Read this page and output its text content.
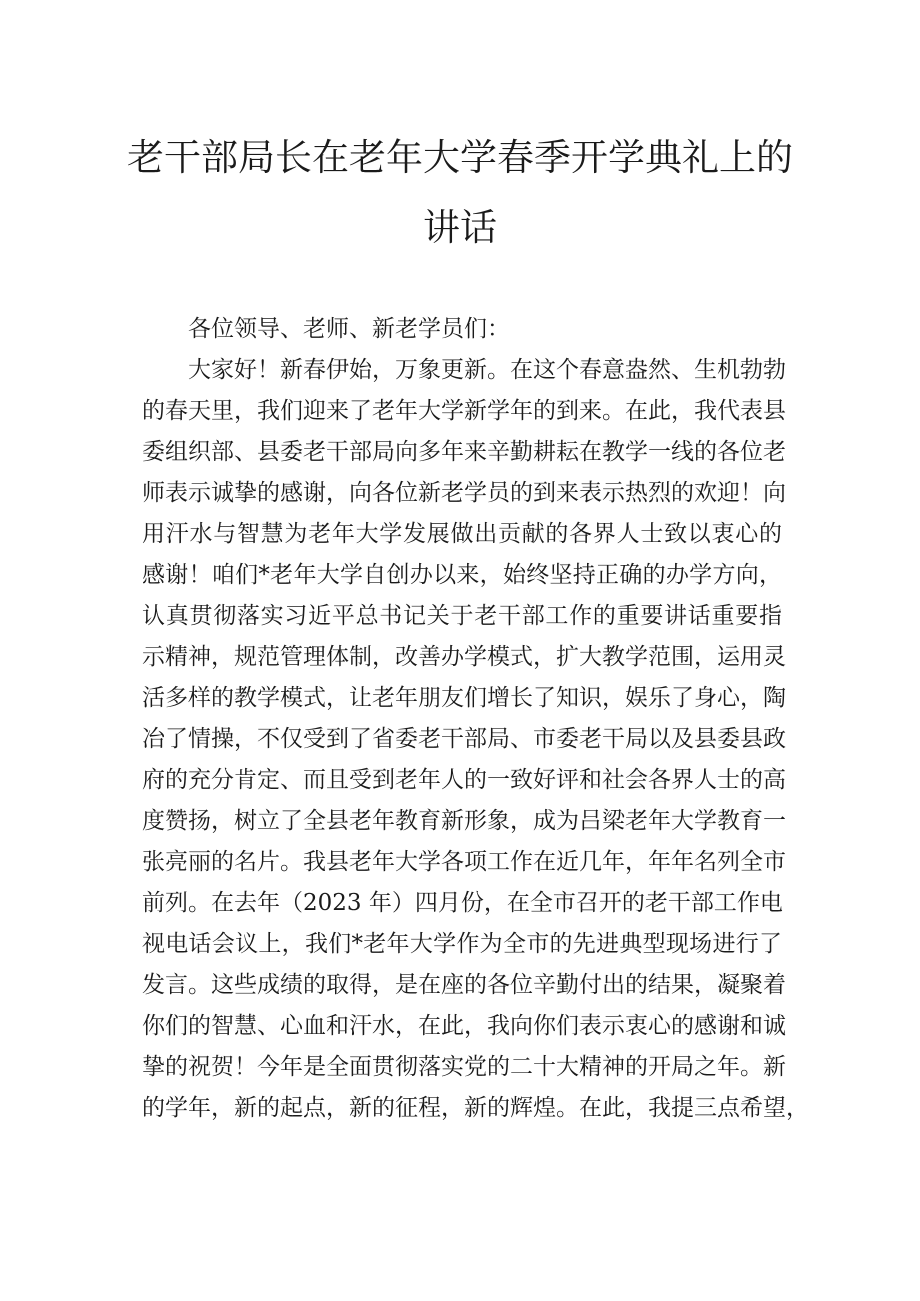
老干部局长在老年大学春季开学典礼上的
讲话
各位领导、老师、新老学员们：
大家好！新春伊始，万象更新。在这个春意盎然、生机勃勃
的春天里，我们迎来了老年大学新学年的到来。在此，我代表县
委组织部、县委老干部局向多年来辛勤耕耘在教学一线的各位老
师表示诚挚的感谢，向各位新老学员的到来表示热烈的欢迎！向
用汗水与智慧为老年大学发展做出贡献的各界人士致以衷心的
感谢！咱们*老年大学自创办以来，始终坚持正确的办学方向，
认真贯彻落实习近平总书记关于老干部工作的重要讲话重要指
示精神，规范管理体制，改善办学模式，扩大教学范围，运用灵
活多样的教学模式，让老年朋友们增长了知识，娱乐了身心，陶
冶了情操，不仅受到了省委老干部局、市委老干局以及县委县政
府的充分肯定、而且受到老年人的一致好评和社会各界人士的高
度赞扬，树立了全县老年教育新形象，成为吕梁老年大学教育一
张亮丽的名片。我县老年大学各项工作在近几年，年年名列全市
前列。在去年（2023 年）四月份，在全市召开的老干部工作电
视电话会议上，我们*老年大学作为全市的先进典型现场进行了
发言。这些成绩的取得，是在座的各位辛勤付出的结果，凝聚着
你们的智慧、心血和汗水，在此，我向你们表示衷心的感谢和诚
挚的祝贺！今年是全面贯彻落实党的二十大精神的开局之年。新
的学年，新的起点，新的征程，新的辉煌。在此，我提三点希望，
